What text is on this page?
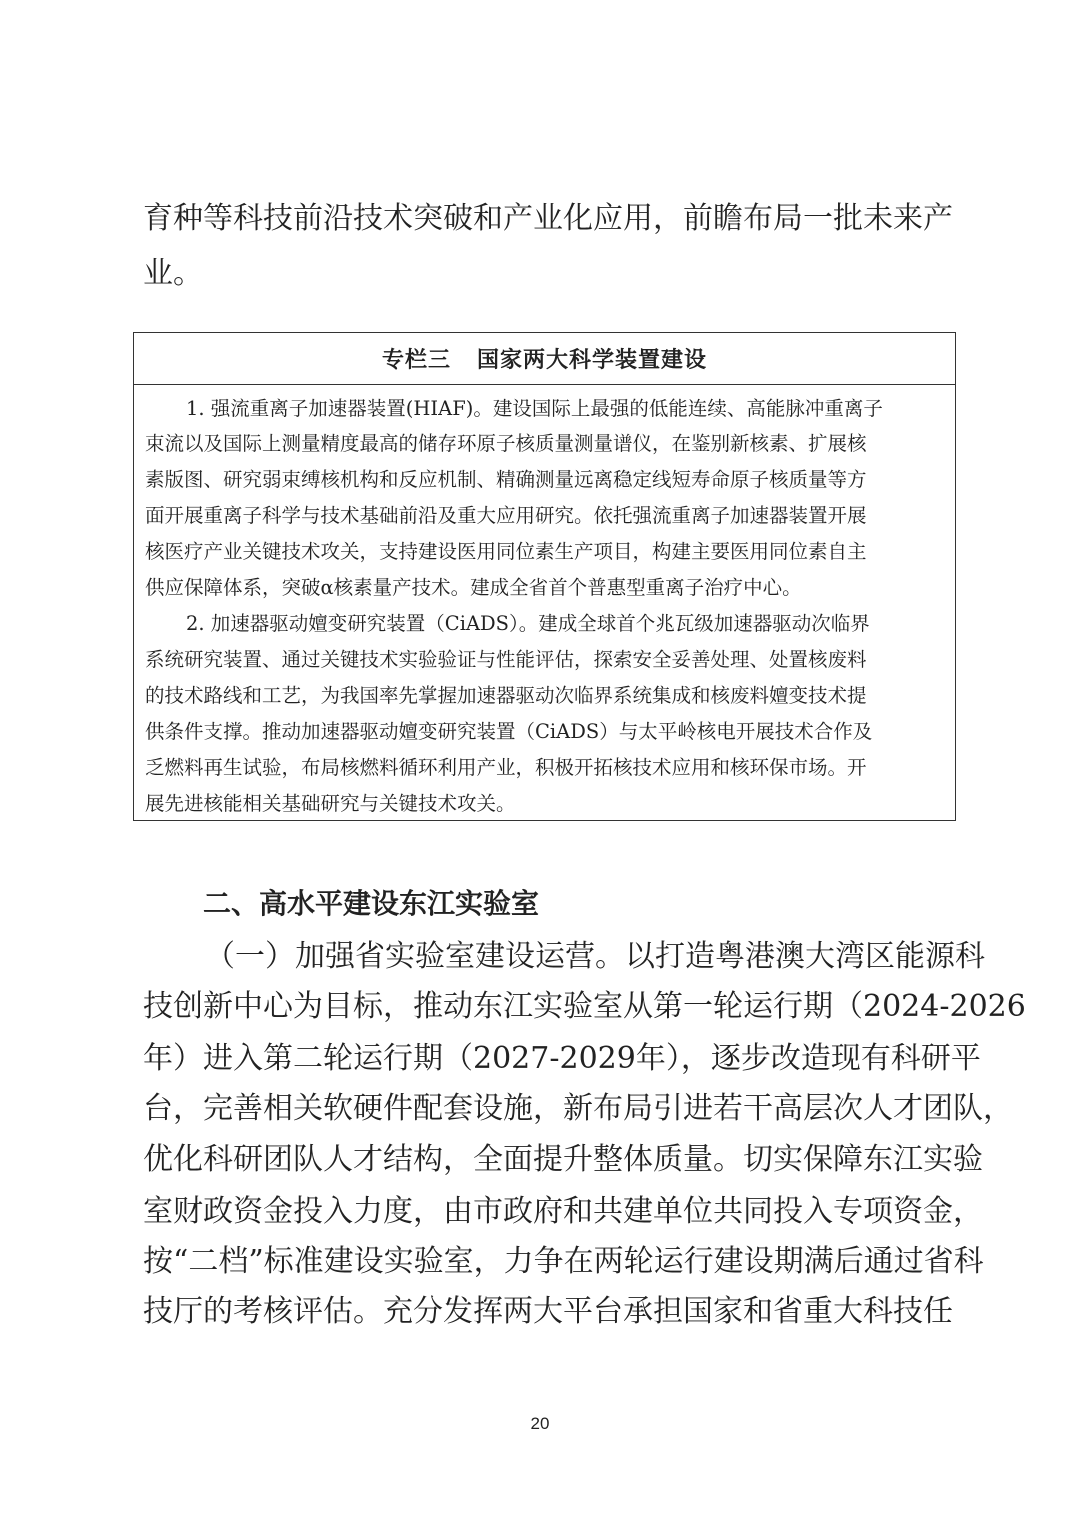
育种等科技前沿技术突破和产业化应用，前瞻布局一批未来产
业。
专栏三 国家两大科学装置建设
1. 强流重离子加速器装置(HIAF)。建设国际上最强的低能连续、高能脉冲重离子
束流以及国际上测量精度最高的储存环原子核质量测量谱仪，在鉴别新核素、扩展核
素版图、研究弱束缚核机构和反应机制、精确测量远离稳定线短寿命原子核质量等方
面开展重离子科学与技术基础前沿及重大应用研究。依托强流重离子加速器装置开展
核医疗产业关键技术攻关，支持建设医用同位素生产项目，构建主要医用同位素自主
供应保障体系，突破α核素量产技术。建成全省首个普惠型重离子治疗中心。
2. 加速器驱动嬗变研究装置（CiADS）。建成全球首个兆瓦级加速器驱动次临界
系统研究装置、通过关键技术实验验证与性能评估，探索安全妥善处理、处置核废料
的技术路线和工艺，为我国率先掌握加速器驱动次临界系统集成和核废料嬗变技术提
供条件支撑。推动加速器驱动嬗变研究装置（CiADS）与太平岭核电开展技术合作及
乏燃料再生试验，布局核燃料循环利用产业，积极开拓核技术应用和核环保市场。开
展先进核能相关基础研究与关键技术攻关。
二、高水平建设东江实验室
（一）加强省实验室建设运营。以打造粤港澳大湾区能源科
技创新中心为目标，推动东江实验室从第一轮运行期（2024-2026
年）进入第二轮运行期（2027-2029年），逐步改造现有科研平
台，完善相关软硬件配套设施，新布局引进若干高层次人才团队，
优化科研团队人才结构，全面提升整体质量。切实保障东江实验
室财政资金投入力度，由市政府和共建单位共同投入专项资金，
按“二档”标准建设实验室，力争在两轮运行建设期满后通过省科
技厅的考核评估。充分发挥两大平台承担国家和省重大科技任
20
